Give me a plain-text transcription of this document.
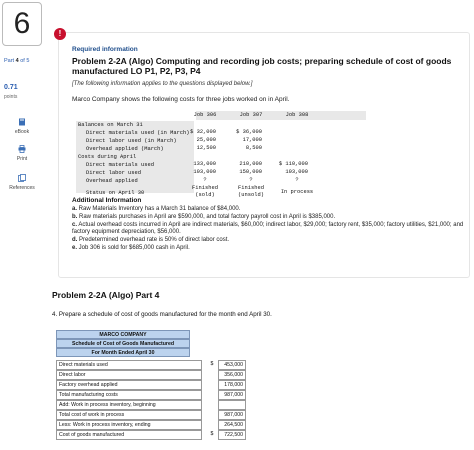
6
Part 4 of 5
0.71
points
eBook
Print
References
!
Required information
Problem 2-2A (Algo) Computing and recording job costs; preparing schedule of cost of goods
manufactured LO P1, P2, P3, P4
[The following information applies to the questions displayed below.]
Marco Company shows the following costs for three jobs worked on in April.
Job 306	Job 307	Job 308
Balances on March 31
Direct materials used (in March) $ 32,000	$ 36,000
Direct labor used (in March)	25,000	17,000
Overhead applied (March)	12,500	8,500
Costs during April
Direct materials used	133,000	210,000	$ 110,000
Direct labor used	103,000	150,000	103,000
Overhead applied	?	?	?
Status on April 30
Finished
(sold)
Finished
(unsold)	In process
Additional Information
a. Raw Materials Inventory has a March 31 balance of $84,000.
b. Raw materials purchases in April are $590,000, and total factory payroll cost in April is $385,000.
c. Actual overhead costs incurred in April are indirect materials, $60,000; indirect labor, $29,000; factory rent, $35,000; factory utilities, $21,000; and factory equipment depreciation, $56,000.
d. Predetermined overhead rate is 50% of direct labor cost.
e. Job 306 is sold for $685,000 cash in April.
Problem 2-2A (Algo) Part 4
4. Prepare a schedule of cost of goods manufactured for the month end April 30.
MARCO COMPANY
Schedule of Cost of Goods Manufactured
For Month Ended April 30
Direct materials used	$	453,000
Direct labor	356,000
Factory overhead applied	178,000
Total manufacturing costs	987,000
Add: Work in process inventory, beginning
Total cost of work in process	987,000
Less: Work in process inventory, ending	264,500
Cost of goods manufactured	$	722,500
